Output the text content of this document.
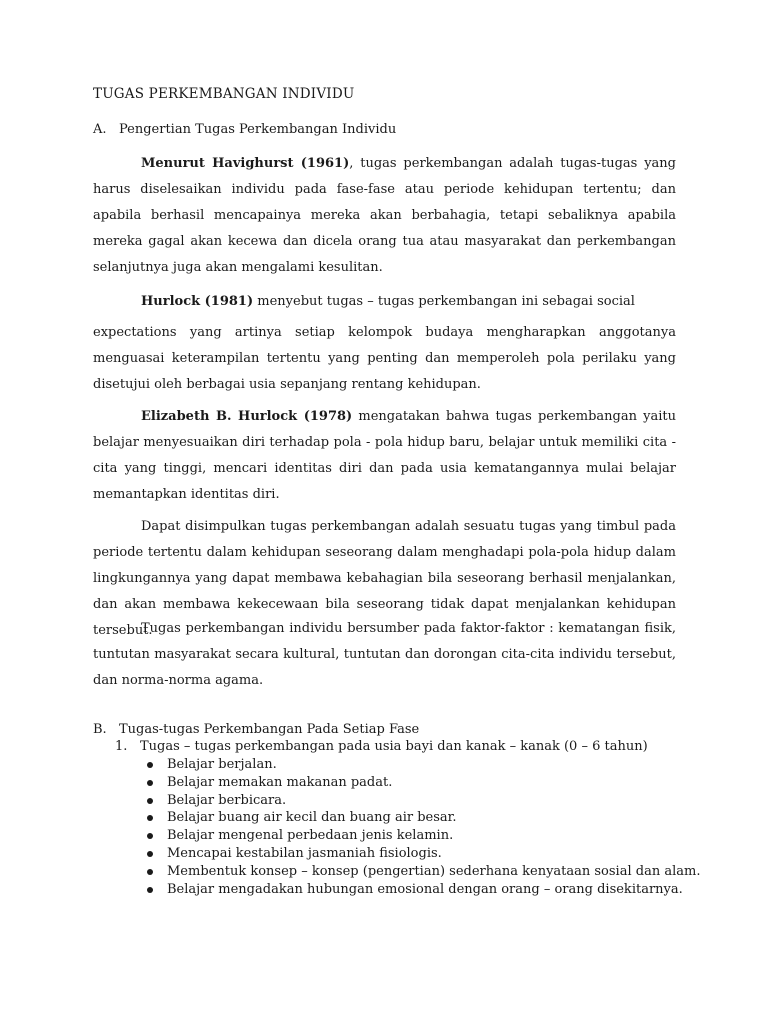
TUGAS PERKEMBANGAN INDIVIDU
A. Pengertian Tugas Perkembangan Individu

Menurut Havighurst (1961), tugas perkembangan adalah tugas-tugas yang harus diselesaikan individu pada fase-fase atau periode kehidupan tertentu; dan apabila berhasil mencapainya mereka akan berbahagia, tetapi sebaliknya apabila mereka gagal akan kecewa dan dicela orang tua atau masyarakat dan perkembangan selanjutnya juga akan mengalami kesulitan.

Hurlock (1981) menyebut tugas – tugas perkembangan ini sebagai social

expectations yang artinya setiap kelompok budaya mengharapkan anggotanya menguasai keterampilan tertentu yang penting dan memperoleh pola perilaku yang disetujui oleh berbagai usia sepanjang rentang kehidupan.

Elizabeth B. Hurlock (1978) mengatakan bahwa tugas perkembangan yaitu belajar menyesuaikan diri terhadap pola - pola hidup baru, belajar untuk memiliki cita - cita yang tinggi, mencari identitas diri dan pada usia kematangannya mulai belajar memantapkan identitas diri.

Dapat disimpulkan tugas perkembangan adalah sesuatu tugas yang timbul pada periode tertentu dalam kehidupan seseorang dalam menghadapi pola-pola hidup dalam lingkungannya yang dapat membawa kebahagian bila seseorang berhasil menjalankan, dan akan membawa kekecewaan bila seseorang tidak dapat menjalankan kehidupan tersebut.

Tugas perkembangan individu bersumber pada faktor-faktor : kematangan fisik, tuntutan masyarakat secara kultural, tuntutan dan dorongan cita-cita individu tersebut, dan norma-norma agama.

B. Tugas-tugas Perkembangan Pada Setiap Fase
1. Tugas – tugas perkembangan pada usia bayi dan kanak – kanak (0 – 6 tahun)
Belajar berjalan.
Belajar memakan makanan padat.
Belajar berbicara.
Belajar buang air kecil dan buang air besar.
Belajar mengenal perbedaan jenis kelamin.
Mencapai kestabilan jasmaniah fisiologis.
Membentuk konsep – konsep (pengertian) sederhana kenyataan sosial dan alam.
Belajar mengadakan hubungan emosional dengan orang – orang disekitarnya.
